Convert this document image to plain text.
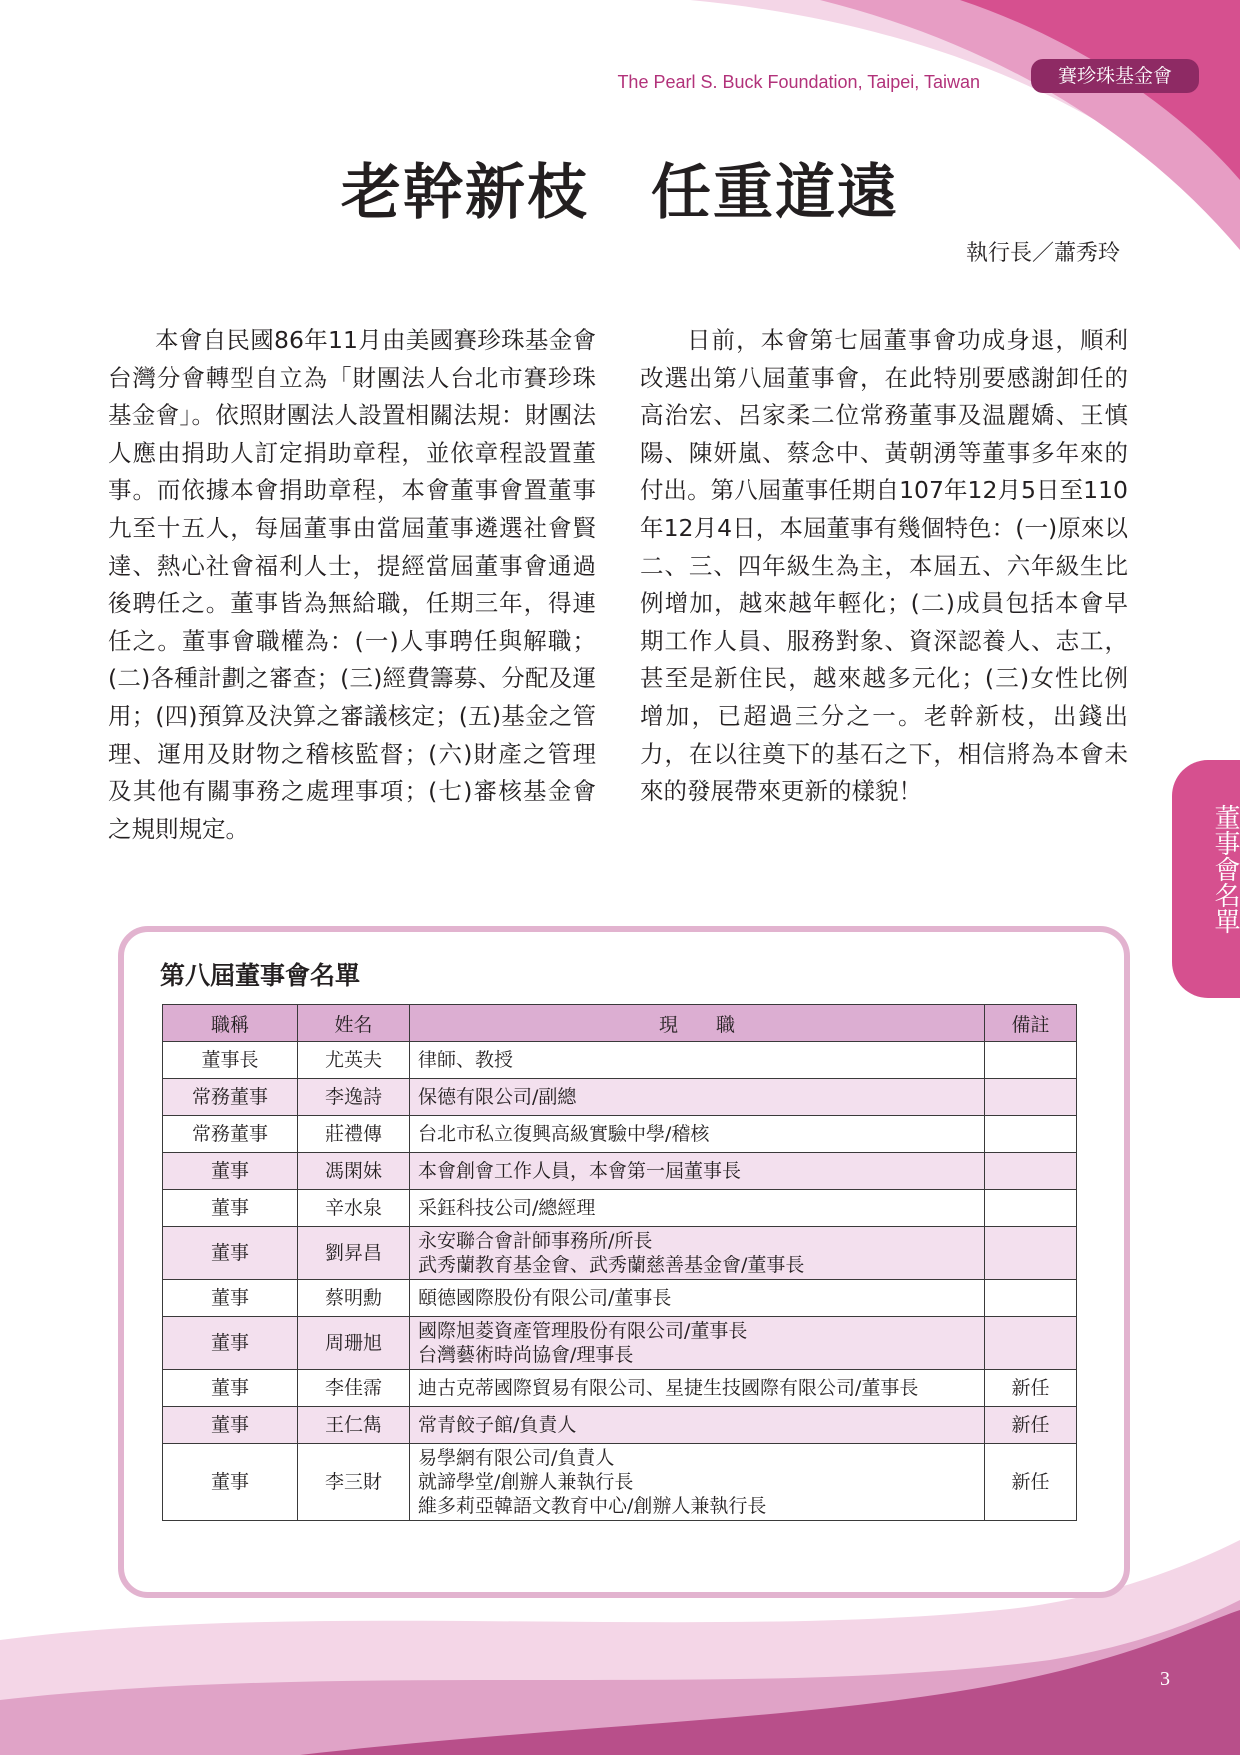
The Pearl S. Buck Foundation, Taipei, Taiwan	賽珍珠基金會
老幹新枝　任重道遠
執行長／蕭秀玲

本會自民國86年11月由美國賽珍珠基金會台灣分會轉型自立為「財團法人台北市賽珍珠基金會」。依照財團法人設置相關法規：財團法人應由捐助人訂定捐助章程，並依章程設置董事。而依據本會捐助章程，本會董事會置董事九至十五人，每屆董事由當屆董事遴選社會賢達、熱心社會福利人士，提經當屆董事會通過後聘任之。董事皆為無給職，任期三年，得連任之。董事會職權為：(一)人事聘任與解職；(二)各種計劃之審查；(三)經費籌募、分配及運用；(四)預算及決算之審議核定；(五)基金之管理、運用及財物之稽核監督；(六)財產之管理及其他有關事務之處理事項；(七)審核基金會之規則規定。

日前，本會第七屆董事會功成身退，順利改選出第八屆董事會，在此特別要感謝卸任的高治宏、呂家柔二位常務董事及温麗嬌、王慎陽、陳妍嵐、蔡念中、黃朝湧等董事多年來的付出。第八屆董事任期自107年12月5日至110年12月4日，本屆董事有幾個特色：(一)原來以二、三、四年級生為主，本屆五、六年級生比例增加，越來越年輕化；(二)成員包括本會早期工作人員、服務對象、資深認養人、志工，甚至是新住民，越來越多元化；(三)女性比例增加，已超過三分之一。老幹新枝，出錢出力，在以往奠下的基石之下，相信將為本會未來的發展帶來更新的樣貌！

董事會名單
第八屆董事會名單
職稱	姓名	現　　職	備註
董事長	尤英夫	律師、教授	

常務董事	李逸詩	保德有限公司/副總	

常務董事	莊禮傳	台北市私立復興高級實驗中學/稽核	

董事	馮閑妹	本會創會工作人員，本會第一屆董事長	

董事	辛水泉	采鈺科技公司/總經理	

董事	劉昇昌	永安聯合會計師事務所/所長
武秀蘭教育基金會、武秀蘭慈善基金會/董事長	

董事	蔡明勳	頤德國際股份有限公司/董事長	

董事	周珊旭	國際旭菱資產管理股份有限公司/董事長
台灣藝術時尚協會/理事長	

董事	李佳霈	迪古克蒂國際貿易有限公司、星捷生技國際有限公司/董事長	新任
董事	王仁雋	常青餃子館/負責人	新任
董事	李三財	易學網有限公司/負責人
就諦學堂/創辦人兼執行長
維多莉亞韓語文教育中心/創辦人兼執行長	新任
3
